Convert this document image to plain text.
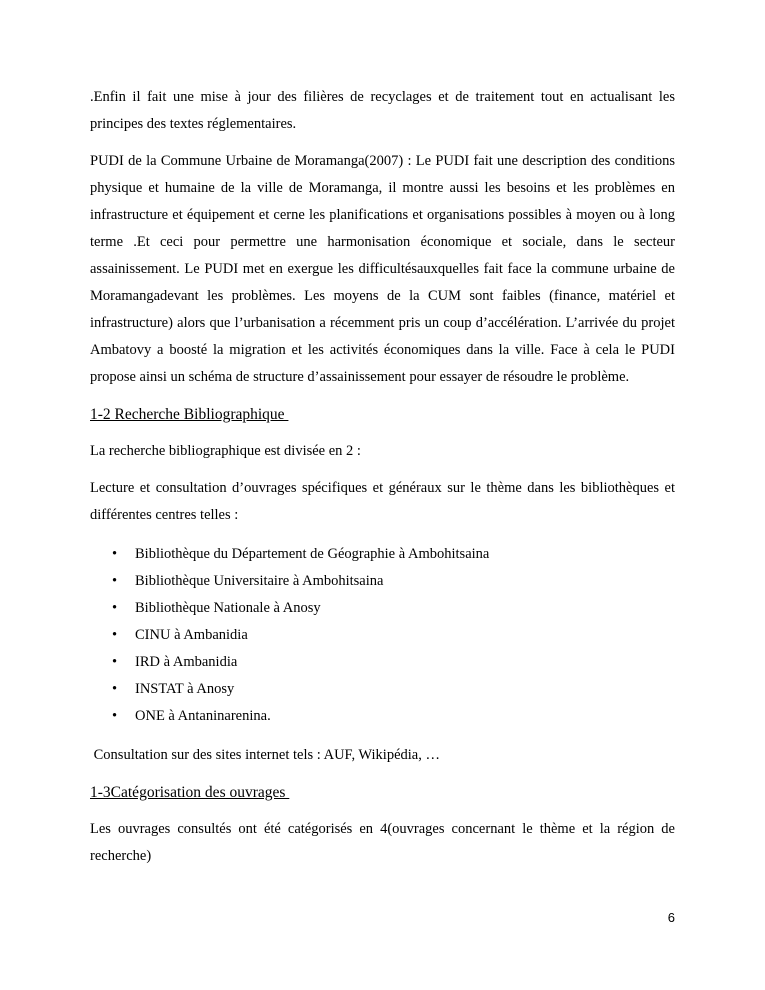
.Enfin il fait une mise à jour des filières de recyclages et de traitement tout en actualisant les principes des textes réglementaires.

PUDI de la Commune Urbaine de Moramanga(2007) : Le PUDI fait une description des conditions physique et humaine de la ville de Moramanga, il montre aussi les besoins et les problèmes en infrastructure et équipement et cerne les planifications et organisations possibles à moyen ou à long terme .Et ceci pour permettre une harmonisation économique et sociale, dans le secteur assainissement. Le PUDI met en exergue les difficultésauxquelles fait face la commune urbaine de Moramangadevant les problèmes. Les moyens de la CUM sont faibles (finance, matériel et infrastructure) alors que l’urbanisation a récemment pris un coup d’accélération. L’arrivée du projet Ambatovy a boosté la migration et les activités économiques dans la ville. Face à cela le PUDI propose ainsi un schéma de structure d’assainissement pour essayer de résoudre le problème.

1-2 Recherche Bibliographique

La recherche bibliographique est divisée en 2 :

Lecture et consultation d’ouvrages spécifiques et généraux sur le thème dans les bibliothèques et différentes centres telles :

• Bibliothèque du Département de Géographie à Ambohitsaina
• Bibliothèque Universitaire à Ambohitsaina
• Bibliothèque Nationale à Anosy
• CINU à Ambanidia
• IRD à Ambanidia
• INSTAT à Anosy
• ONE à Antaninarenina.

Consultation sur des sites internet tels : AUF, Wikipédia, …

1-3Catégorisation des ouvrages

Les ouvrages consultés ont été catégorisés en 4(ouvrages concernant le thème et la région de recherche)

6
